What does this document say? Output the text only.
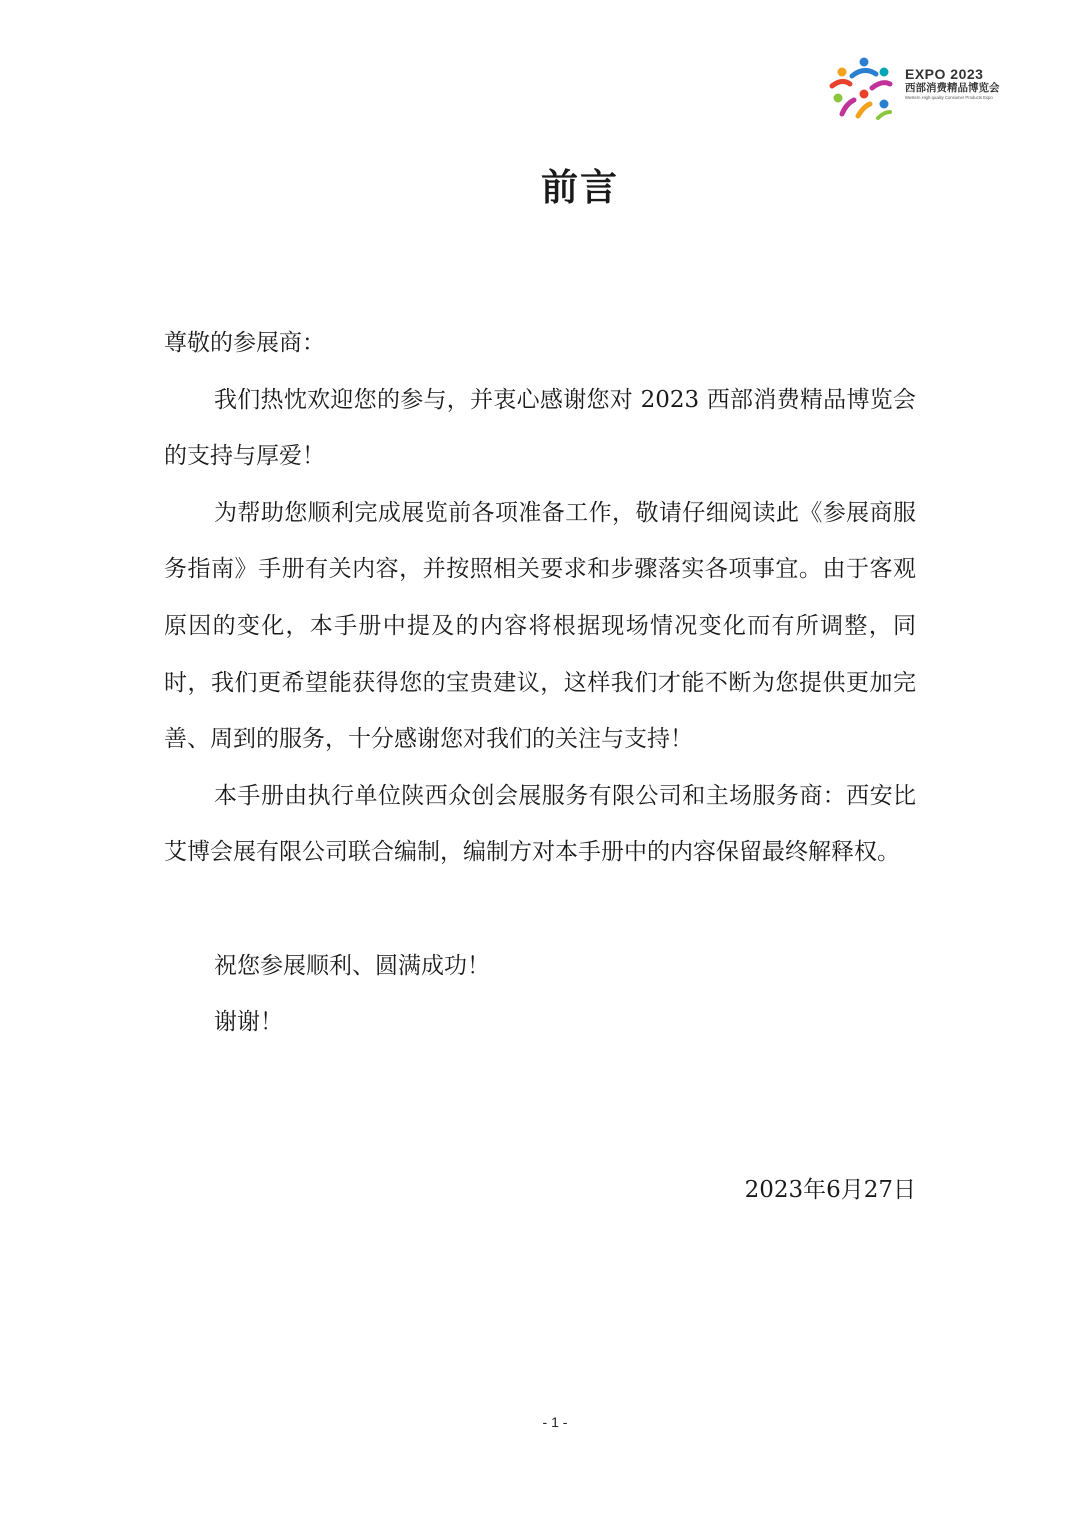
EXPO 2023
西部消费精品博览会
Western High-quality Consumer Products Expo
前言

尊敬的参展商：

我们热忱欢迎您的参与，并衷心感谢您对 2023 西部消费精品博览会的支持与厚爱！

为帮助您顺利完成展览前各项准备工作，敬请仔细阅读此《参展商服务指南》手册有关内容，并按照相关要求和步骤落实各项事宜。由于客观原因的变化，本手册中提及的内容将根据现场情况变化而有所调整，同时，我们更希望能获得您的宝贵建议，这样我们才能不断为您提供更加完善、周到的服务，十分感谢您对我们的关注与支持！

本手册由执行单位陕西众创会展服务有限公司和主场服务商：西安比艾博会展有限公司联合编制，编制方对本手册中的内容保留最终解释权。

祝您参展顺利、圆满成功！

谢谢！

2023年6月27日
- 1 -
